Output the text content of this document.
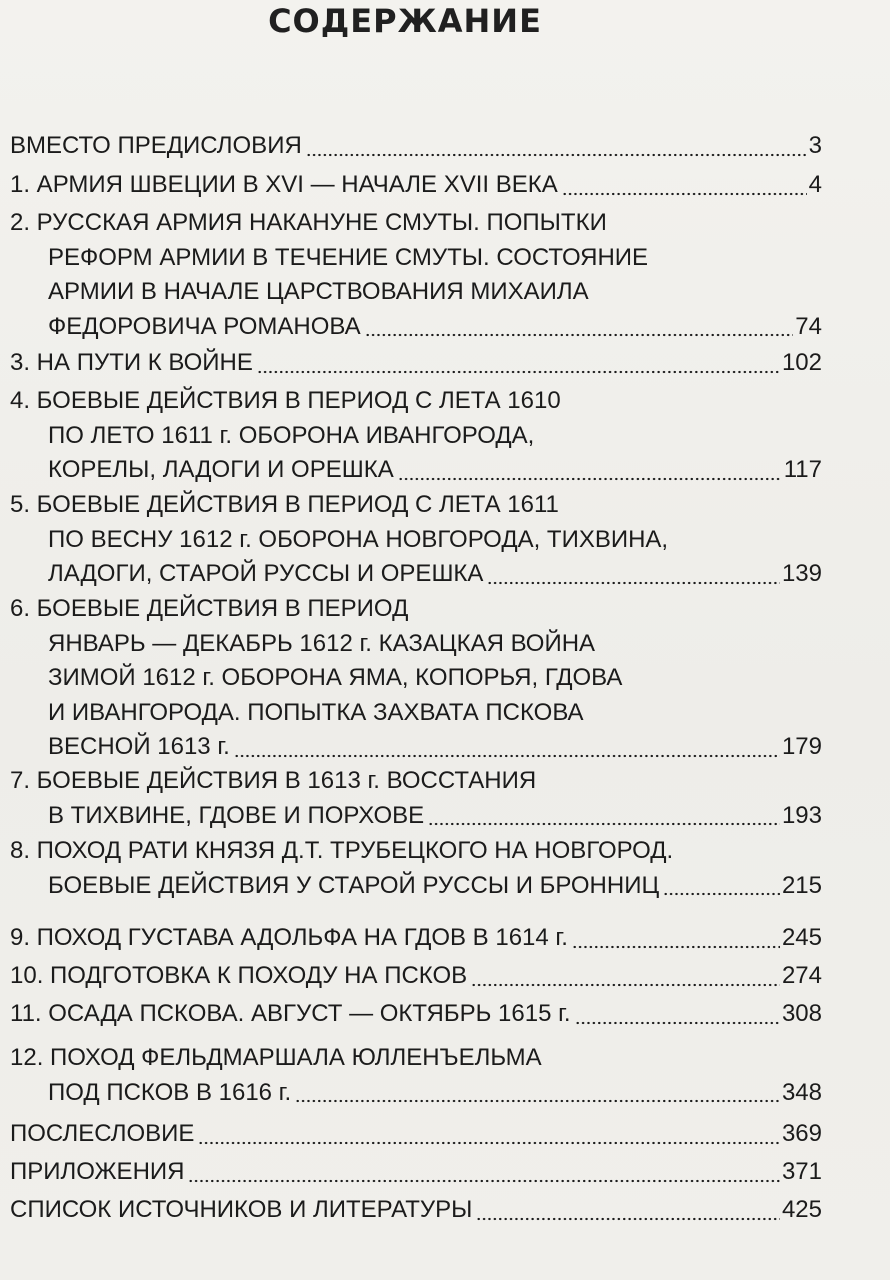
СОДЕРЖАНИЕ
ВМЕСТО ПРЕДИСЛОВИЯ	3
1. АРМИЯ ШВЕЦИИ В XVI — НАЧАЛЕ XVII ВЕКА	4
2. РУССКАЯ АРМИЯ НАКАНУНЕ СМУТЫ. ПОПЫТКИ
РЕФОРМ АРМИИ В ТЕЧЕНИЕ СМУТЫ. СОСТОЯНИЕ
АРМИИ В НАЧАЛЕ ЦАРСТВОВАНИЯ МИХАИЛА
ФЕДОРОВИЧА РОМАНОВА	74
3. НА ПУТИ К ВОЙНЕ	102
4. БОЕВЫЕ ДЕЙСТВИЯ В ПЕРИОД С ЛЕТА 1610
ПО ЛЕТО 1611 г. ОБОРОНА ИВАНГОРОДА,
КОРЕЛЫ, ЛАДОГИ И ОРЕШКА	117
5. БОЕВЫЕ ДЕЙСТВИЯ В ПЕРИОД С ЛЕТА 1611
ПО ВЕСНУ 1612 г. ОБОРОНА НОВГОРОДА, ТИХВИНА,
ЛАДОГИ, СТАРОЙ РУССЫ И ОРЕШКА	139
6. БОЕВЫЕ ДЕЙСТВИЯ В ПЕРИОД
ЯНВАРЬ — ДЕКАБРЬ 1612 г. КАЗАЦКАЯ ВОЙНА
ЗИМОЙ 1612 г. ОБОРОНА ЯМА, КОПОРЬЯ, ГДОВА
И ИВАНГОРОДА. ПОПЫТКА ЗАХВАТА ПСКОВА
ВЕСНОЙ 1613 г.	179
7. БОЕВЫЕ ДЕЙСТВИЯ В 1613 г. ВОССТАНИЯ
В ТИХВИНЕ, ГДОВЕ И ПОРХОВЕ	193
8. ПОХОД РАТИ КНЯЗЯ Д.Т. ТРУБЕЦКОГО НА НОВГОРОД.
БОЕВЫЕ ДЕЙСТВИЯ У СТАРОЙ РУССЫ И БРОННИЦ	215
9. ПОХОД ГУСТАВА АДОЛЬФА НА ГДОВ В 1614 г.	245
10. ПОДГОТОВКА К ПОХОДУ НА ПСКОВ	274
11. ОСАДА ПСКОВА. АВГУСТ — ОКТЯБРЬ 1615 г.	308
12. ПОХОД ФЕЛЬДМАРШАЛА ЮЛЛЕНЪЕЛЬМА
ПОД ПСКОВ В 1616 г.	348
ПОСЛЕСЛОВИЕ	369
ПРИЛОЖЕНИЯ	371
СПИСОК ИСТОЧНИКОВ И ЛИТЕРАТУРЫ	425
